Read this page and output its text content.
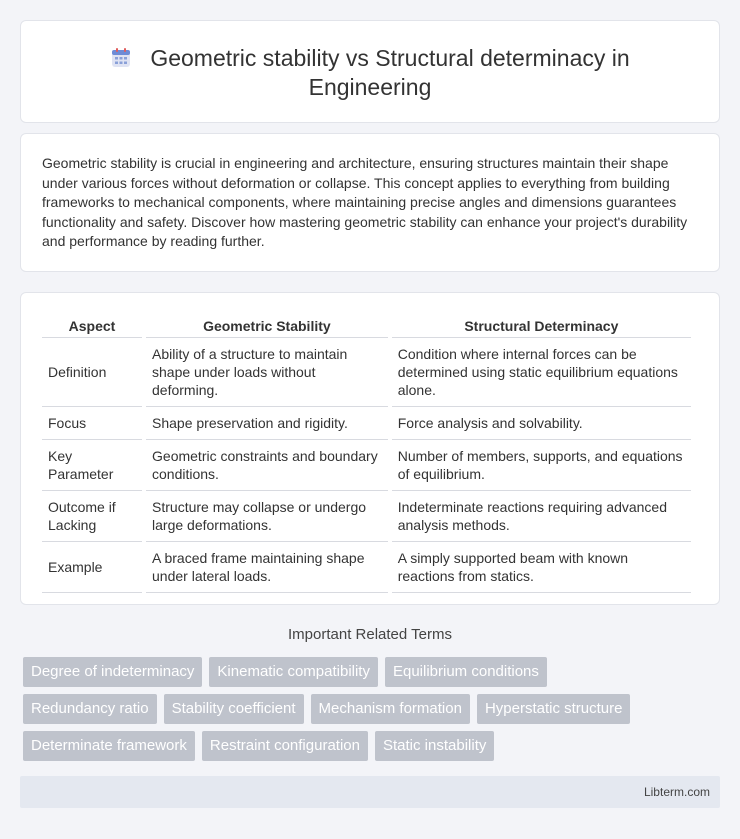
Geometric stability vs Structural determinacy in
Engineering

Geometric stability is crucial in engineering and architecture, ensuring structures maintain their shape under various forces without deformation or collapse. This concept applies to everything from building frameworks to mechanical components, where maintaining precise angles and dimensions guarantees functionality and safety. Discover how mastering geometric stability can enhance your project's durability and performance by reading further.

Aspect	Geometric Stability	Structural Determinacy
Definition	Ability of a structure to maintain shape under loads without deforming.	Condition where internal forces can be determined using static equilibrium equations alone.
Focus	Shape preservation and rigidity.	Force analysis and solvability.
Key Parameter	Geometric constraints and boundary conditions.	Number of members, supports, and equations of equilibrium.
Outcome if Lacking	Structure may collapse or undergo large deformations.	Indeterminate reactions requiring advanced analysis methods.
Example	A braced frame maintaining shape under lateral loads.	A simply supported beam with known reactions from statics.
Important Related Terms
Degree of indeterminacy Kinematic compatibility Equilibrium conditions
Redundancy ratio Stability coefficient Mechanism formation Hyperstatic structure
Determinate framework Restraint configuration Static instability
Libterm.com
